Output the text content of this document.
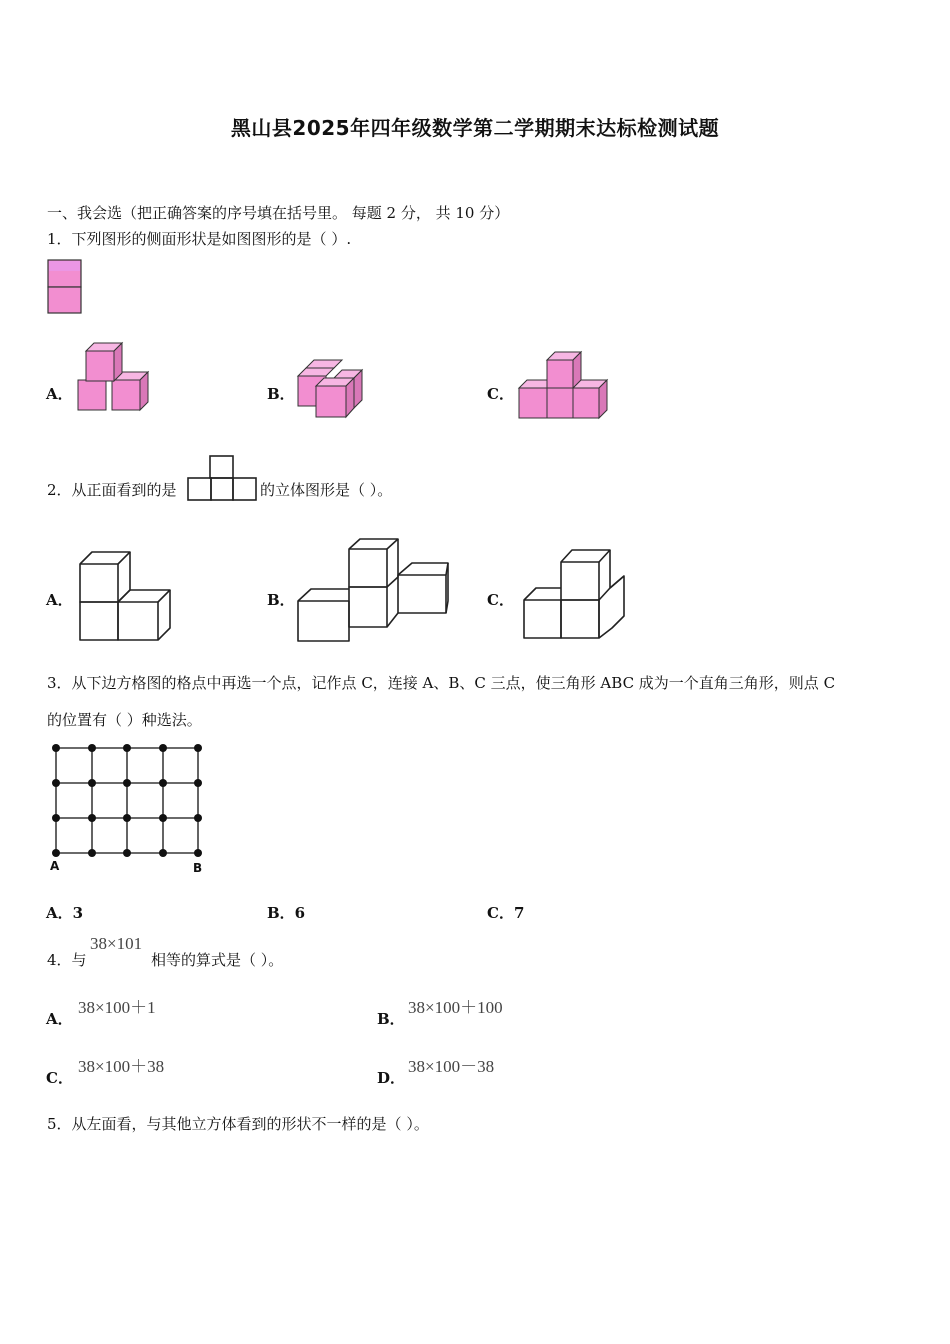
黑山县2025年四年级数学第二学期期末达标检测试题
一、我会选（把正确答案的序号填在括号里。 每题 2 分， 共 10 分）
1．下列图形的侧面形状是如图图形的是（ ）.
A．	B．	C．
2．从正面看到的是	的立体图形是（ ）。
A．	B．	C．
3．从下边方格图的格点中再选一个点，记作点 C，连接 A、B、C 三点，使三角形 ABC 成为一个直角三角形，则点 C
的位置有（ ）种选法。
A	B
A．3	B．6	C．7
4．与
38×101
相等的算式是（ ）。
A．
38×100＋1
B．
38×100＋100
C．
38×100＋38
D．
38×100－38
5．从左面看，与其他立方体看到的形状不一样的是（ ）。
